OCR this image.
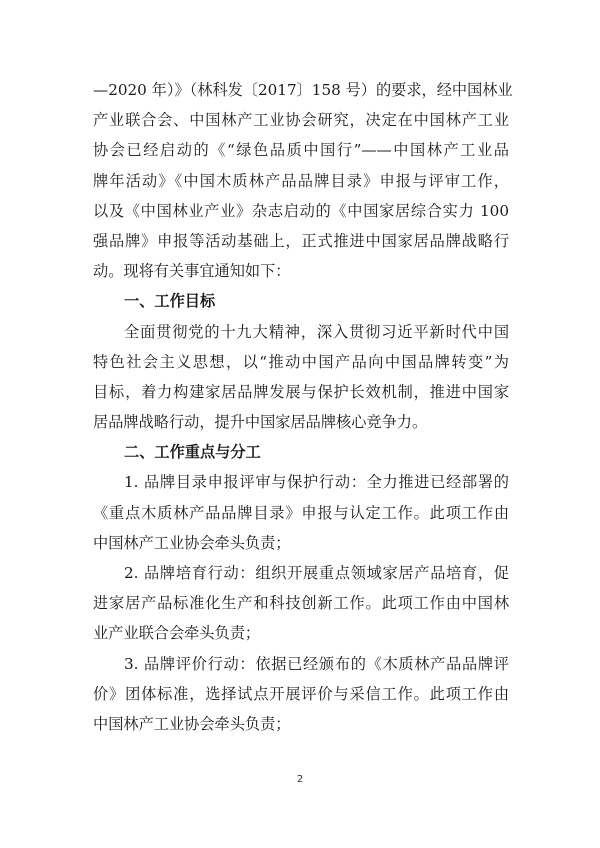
—2020 年）》（林科发〔2017〕158 号）的要求，经中国林业
产业联合会、中国林产工业协会研究，决定在中国林产工业
协会已经启动的《“绿色品质中国行”——中国林产工业品
牌年活动》《中国木质林产品品牌目录》申报与评审工作，
以及《中国林业产业》杂志启动的《中国家居综合实力 100
强品牌》申报等活动基础上，正式推进中国家居品牌战略行
动。现将有关事宜通知如下：
一、工作目标
全面贯彻党的十九大精神，深入贯彻习近平新时代中国
特色社会主义思想，以“推动中国产品向中国品牌转变”为
目标，着力构建家居品牌发展与保护长效机制，推进中国家
居品牌战略行动，提升中国家居品牌核心竞争力。
二、工作重点与分工
1. 品牌目录申报评审与保护行动：全力推进已经部署的
《重点木质林产品品牌目录》申报与认定工作。此项工作由
中国林产工业协会牵头负责；
2. 品牌培育行动：组织开展重点领域家居产品培育，促
进家居产品标准化生产和科技创新工作。此项工作由中国林
业产业联合会牵头负责；
3. 品牌评价行动：依据已经颁布的《木质林产品品牌评
价》团体标准，选择试点开展评价与采信工作。此项工作由
中国林产工业协会牵头负责；
2
